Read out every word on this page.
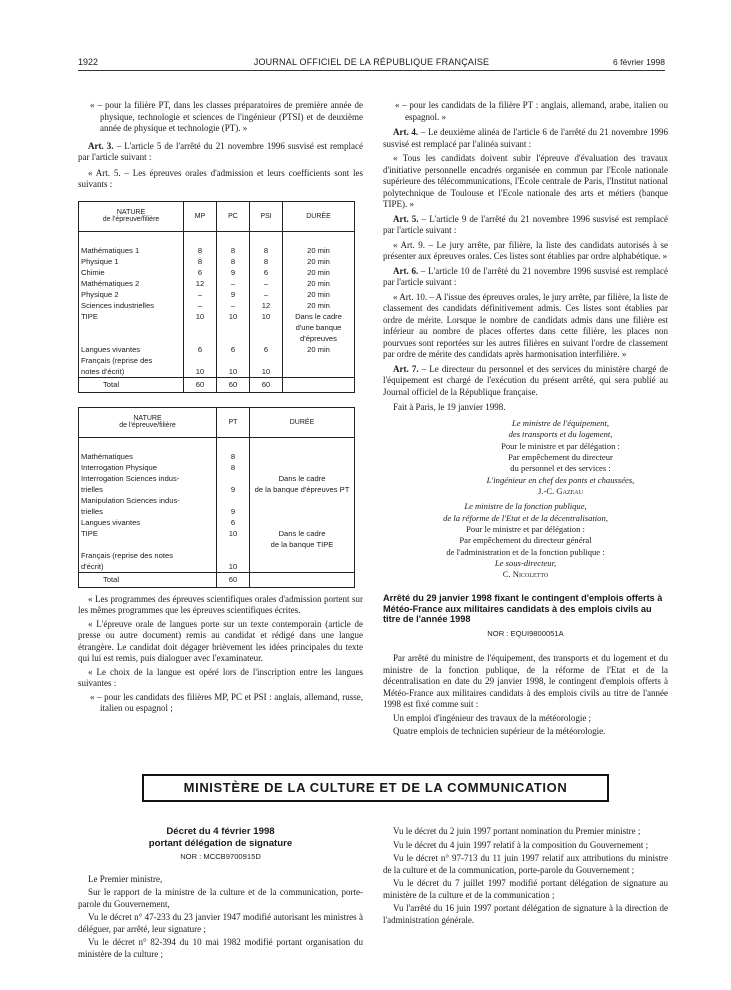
1922	JOURNAL OFFICIEL DE LA RÉPUBLIQUE FRANÇAISE	6 février 1998

« – pour la filière PT, dans les classes préparatoires de première année de physique, technologie et sciences de l'ingénieur (PTSI) et de deuxième année de physique et technologie (PT). »

Art. 3. – L'article 5 de l'arrêté du 21 novembre 1996 susvisé est remplacé par l'article suivant :

« Art. 5. – Les épreuves orales d'admission et leurs coefficients sont les suivants :

NATURE
de l'épreuve/filière	MP	PC	PSI	DURÉE

Mathématiques 1	8	8	8	20 min
Physique 1	8	8	8	20 min
Chimie	6	9	6	20 min
Mathématiques 2	12	–	–	20 min
Physique 2	–	9	–	20 min
Sciences industrielles	–	–	12	20 min
TIPE	10	10	10	Dans le cadre
				d'une banque
				d'épreuves
Langues vivantes	6	6	6	20 min
Français (reprise des				
notes d'écrit)	10	10	10	
Total	60	60	60	
NATURE
de l'épreuve/filière	PT	DURÉE

Mathématiques	8	
Interrogation Physique	8	
Interrogation Sciences indus-		Dans le cadre
trielles	9	de la banque d'épreuves PT
Manipulation Sciences indus-		
trielles	9	
Langues vivantes	6	
TIPE	10	Dans le cadre
		de la banque TIPE
Français (reprise des notes		
d'écrit)	10	
Total	60	

« Les programmes des épreuves scientifiques orales d'admission portent sur les mêmes programmes que les épreuves scientifiques écrites.

« L'épreuve orale de langues porte sur un texte contemporain (article de presse ou autre document) remis au candidat et rédigé dans une langue étrangère. Le candidat doit dégager brièvement les idées principales du texte qui lui est remis, puis dialoguer avec l'examinateur.

« Le choix de la langue est opéré lors de l'inscription entre les langues suivantes :

« – pour les candidats des filières MP, PC et PSI : anglais, allemand, russe, italien ou espagnol ;

« – pour les candidats de la filière PT : anglais, allemand, arabe, italien ou espagnol. »

Art. 4. – Le deuxième alinéa de l'article 6 de l'arrêté du 21 novembre 1996 susvisé est remplacé par l'alinéa suivant :

« Tous les candidats doivent subir l'épreuve d'évaluation des travaux d'initiative personnelle encadrés organisée en commun par l'Ecole nationale supérieure des télécommunications, l'Ecole centrale de Paris, l'Institut national polytechnique de Toulouse et l'Ecole nationale des arts et métiers (banque TIPE). »

Art. 5. – L'article 9 de l'arrêté du 21 novembre 1996 susvisé est remplacé par l'article suivant :

« Art. 9. – Le jury arrête, par filière, la liste des candidats autorisés à se présenter aux épreuves orales. Ces listes sont établies par ordre alphabétique. »

Art. 6. – L'article 10 de l'arrêté du 21 novembre 1996 susvisé est remplacé par l'article suivant :

« Art. 10. – A l'issue des épreuves orales, le jury arrête, par filière, la liste de classement des candidats définitivement admis. Ces listes sont établies par ordre de mérite. Lorsque le nombre de candidats admis dans une filière est inférieur au nombre de places offertes dans cette filière, les places non pourvues sont reportées sur les autres filières en suivant l'ordre de classement par ordre de mérite des candidats après harmonisation interfilière. »

Art. 7. – Le directeur du personnel et des services du ministère chargé de l'équipement est chargé de l'exécution du présent arrêté, qui sera publié au Journal officiel de la République française.

Fait à Paris, le 19 janvier 1998.

Le ministre de l'équipement,
des transports et du logement,
Pour le ministre et par délégation :
Par empêchement du directeur
du personnel et des services :
L'ingénieur en chef des ponts et chaussées,
J.-C. Gazeau
Le ministre de la fonction publique,
de la réforme de l'Etat et de la décentralisation,
Pour le ministre et par délégation :
Par empêchement du directeur général
de l'administration et de la fonction publique :
Le sous-directeur,
C. Nicoletto
Arrêté du 29 janvier 1998 fixant le contingent d'emplois offerts à Météo-France aux militaires candidats à des emplois civils au titre de l'année 1998
NOR : EQUI9800051A

Par arrêté du ministre de l'équipement, des transports et du logement et du ministre de la fonction publique, de la réforme de l'Etat et de la décentralisation en date du 29 janvier 1998, le contingent d'emplois offerts à Météo-France aux militaires candidats à des emplois civils au titre de l'année 1998 est fixé comme suit :

Un emploi d'ingénieur des travaux de la météorologie ;

Quatre emplois de technicien supérieur de la météorologie.

MINISTÈRE DE LA CULTURE ET DE LA COMMUNICATION
Décret du 4 février 1998
portant délégation de signature
NOR : MCCB9700915D

Le Premier ministre,

Sur le rapport de la ministre de la culture et de la communication, porte-parole du Gouvernement,

Vu le décret n° 47-233 du 23 janvier 1947 modifié autorisant les ministres à déléguer, par arrêté, leur signature ;

Vu le décret n° 82-394 du 10 mai 1982 modifié portant organisation du ministère de la culture ;

Vu le décret du 2 juin 1997 portant nomination du Premier ministre ;

Vu le décret du 4 juin 1997 relatif à la composition du Gouvernement ;

Vu le décret n° 97-713 du 11 juin 1997 relatif aux attributions du ministre de la culture et de la communication, porte-parole du Gouvernement ;

Vu le décret du 7 juillet 1997 modifié portant délégation de signature au ministère de la culture et de la communication ;

Vu l'arrêté du 16 juin 1997 portant délégation de signature à la direction de l'administration générale.
